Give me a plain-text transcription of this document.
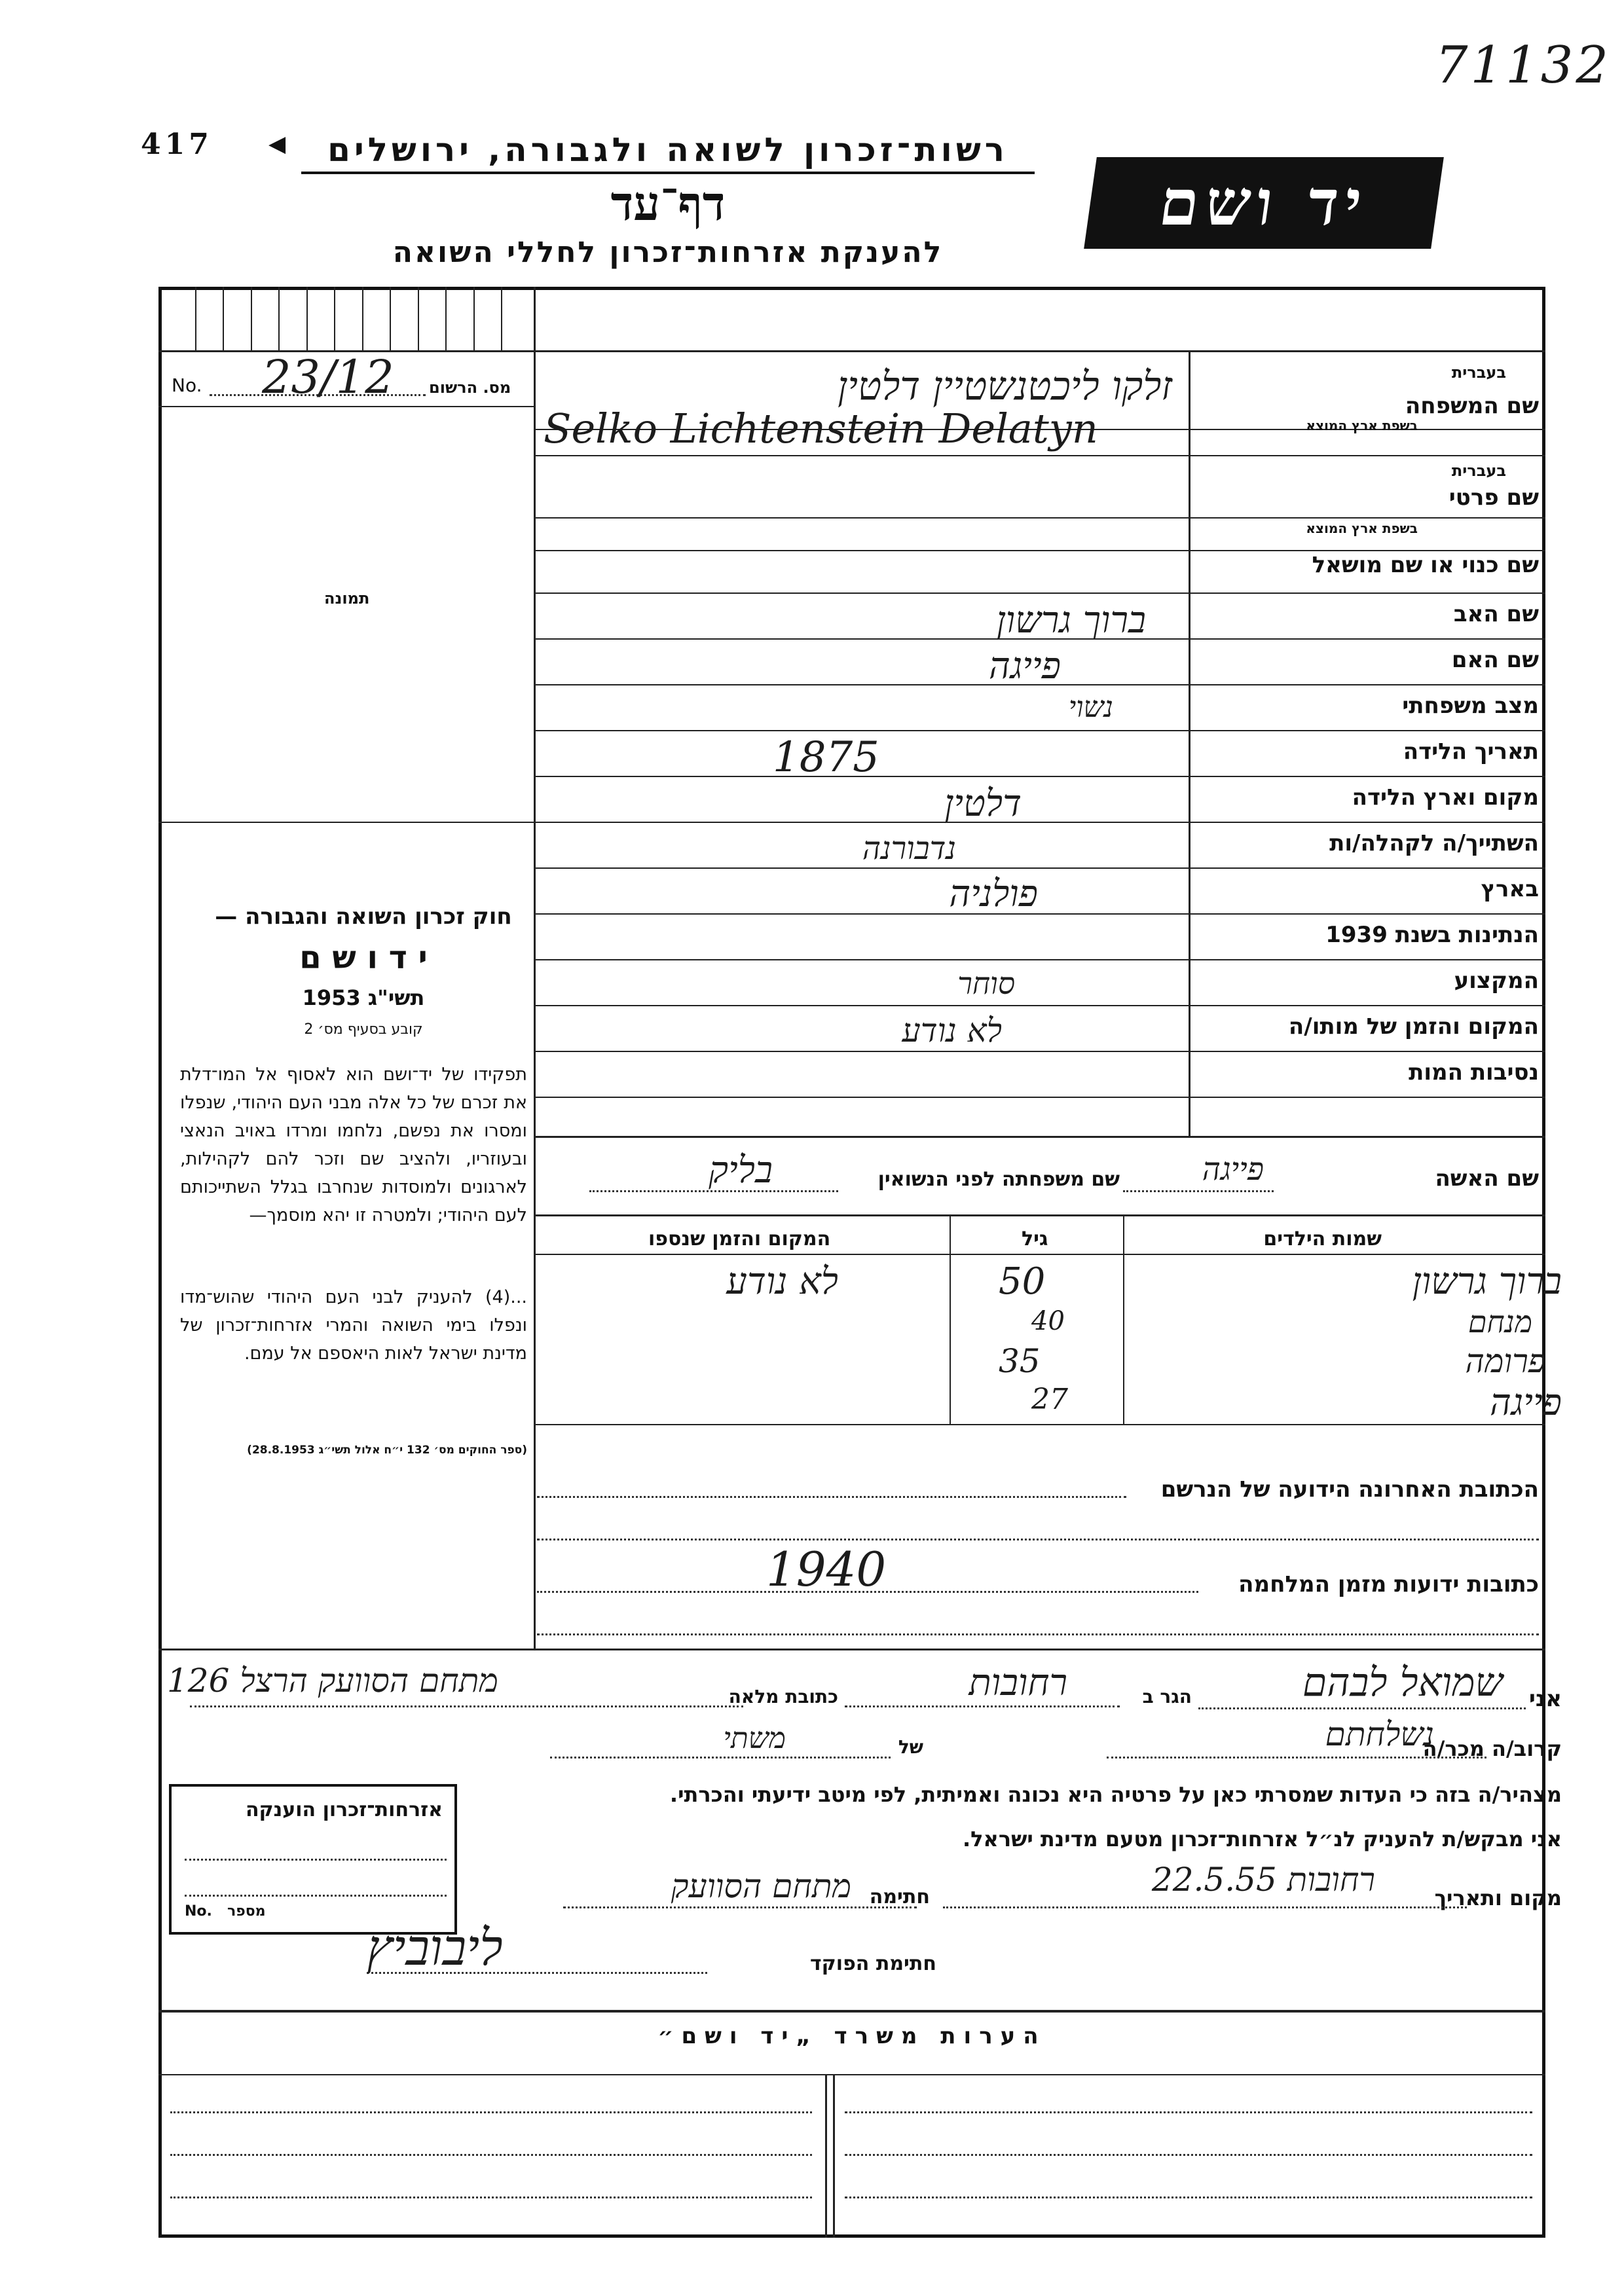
71132
417	◀	רשות־זכרון לשואה ולגבורה, ירושלים
דף־עד
להענקת אזרחות־זכרון לחללי השואה
יד ושם
No. 23/12 מס. הרשום
תמונה
חוק זכרון השואה והגבורה —
י ד ו ש ם
תשי"ג 1953
קובע בסעיף מס׳ 2
תפקידו של יד־ושם הוא לאסוף אל המו־דלת את זכרם של כל אלה מבני העם היהודי, שנפלו ומסרו את נפשם, נלחמו ומרדו באויב הנאצי ובעוזריו, ולהציב שם וזכר להם לקהילות, לארגונים ולמוסדות שנחרבו בגלל השתייכותם לעם היהודי; ולמטרה זו יהא מוסמך—
...(4) להעניק לבני העם היהודי שהוש־מדו ונפלו בימי השואה והמרי אזרחות־זכרון של מדינת ישראל לאות היאספם אל עמם.
(ספר החוקים מס׳ 132 י״ח אלול תשי״ג 28.8.1953)
בעברית
שם המשפחה
בשפת ארץ המוצא
זלקו ליכטנשטיין דלטין
Selko Lichtenstein Delatyn
בעברית
שם פרטי
בשפת ארץ המוצא
שם כנוי או שם מושאל
שם האב
ברוך גרשון
שם האם
פייגה
מצב משפחתי
נשוי
תאריך הלידה
1875
מקום וארץ הלידה
דלטין
השתייך/ה לקהלה/ות
נדבורנה
בארץ
פולניה
הנתינות בשנת 1939
המקצוע
סוחר
המקום והזמן של מותו/ה
לא נודע
נסיבות המות
שם האשה
פייגה
שם משפחתה לפני הנשואין
בליק
שמות הילדים
גיל
המקום והזמן שנספו
ברוך גרשון
50
לא נודע
מנחם
40
פרומה
35
פייגה
27
הכתובת האחרונה הידועה של הנרשם
כתובות ידועות מזמן המלחמה
1940
אני
שמואל לבהם
הגר ב
רחובות
כתובת מלאה
מתחם הסוועק הרצל 126
קרוב/ה מכר/ה
נשלחתם
של
משתי
מצהיר/ה בזה כי העדות שמסרתי כאן על פרטיה היא נכונה ואמיתית, לפי מיטב ידיעתי והכרתי.
אני מבקש/ת להעניק לנ״ל אזרחות־זכרון מטעם מדינת ישראל.
מקום ותאריך
רחובות 22.5.55
חתימה
מתחם הסוועק
חתימת הפוקד
ליבוביץ
אזרחות־זכרון הוענקה
No. מספר
הערות משרד „יד ושם״
